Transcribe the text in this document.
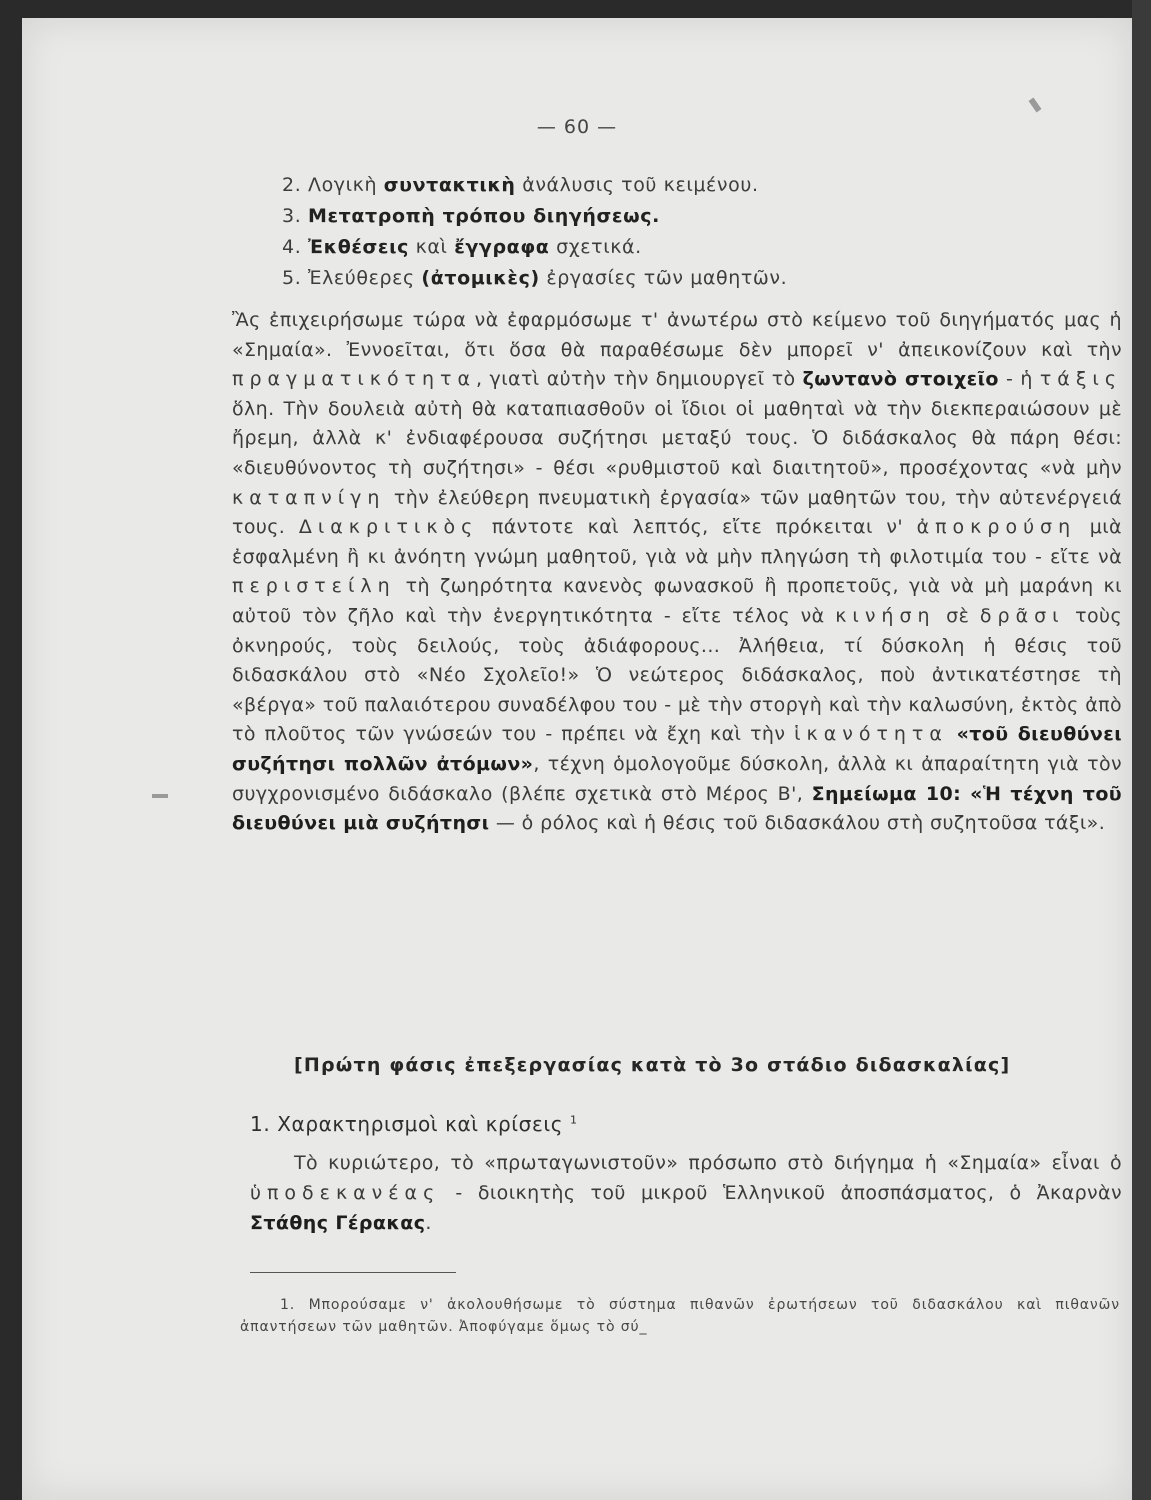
— 60 —
2. Λογικὴ συντακτικὴ ἀνάλυσις τοῦ κειμένου.
3. Μετατροπὴ τρόπου διηγήσεως.
4. Ἐκθέσεις καὶ ἔγγραφα σχετικά.
5. Ἐλεύθερες (ἀτομικὲς) ἐργασίες τῶν μαθητῶν.

Ἂς ἐπιχειρήσωμε τώρα νὰ ἐφαρμόσωμε τ' ἀνωτέρω στὸ κείμενο τοῦ διηγήματός μας ἡ «Σημαία». Ἐννοεῖται, ὅτι ὅσα θὰ παραθέσωμε δὲν μπορεῖ ν' ἀπεικονίζουν καὶ τὴν πραγματικότητα, γιατὶ αὐτὴν τὴν δημιουργεῖ τὸ ζωντανὸ στοιχεῖο - ἡ τάξις ὅλη. Τὴν δουλειὰ αὐτὴ θὰ καταπιασθοῦν οἱ ἴδιοι οἱ μαθηταὶ νὰ τὴν διεκπεραιώσουν μὲ ἤρεμη, ἀλλὰ κ' ἐνδιαφέρουσα συζήτησι μεταξύ τους. Ὁ διδάσκαλος θὰ πάρη θέσι: «διευθύνοντος τὴ συζήτησι» - θέσι «ρυθμιστοῦ καὶ διαιτητοῦ», προσέχοντας «νὰ μὴν καταπνίγη τὴν ἐλεύθερη πνευματικὴ ἐργασία» τῶν μαθητῶν του, τὴν αὐτενέργειά τους. Διακριτικὸς πάντοτε καὶ λεπτός, εἴτε πρόκειται ν' ἀποκρούση μιὰ ἐσφαλμένη ἢ κι ἀνόητη γνώμη μαθητοῦ, γιὰ νὰ μὴν πληγώση τὴ φιλοτιμία του - εἴτε νὰ περιστείλη τὴ ζωηρότητα κανενὸς φωνασκοῦ ἢ προπετοῦς, γιὰ νὰ μὴ μαράνη κι αὐτοῦ τὸν ζῆλο καὶ τὴν ἐνεργητικότητα - εἴτε τέλος νὰ κινήση σὲ δρᾶσι τοὺς ὀκνηρούς, τοὺς δειλούς, τοὺς ἀδιάφορους... Ἀλήθεια, τί δύσκολη ἡ θέσις τοῦ διδασκάλου στὸ «Νέο Σχολεῖο!» Ὁ νεώτερος διδάσκαλος, ποὺ ἀντικατέστησε τὴ «βέργα» τοῦ παλαιότερου συναδέλφου του - μὲ τὴν στοργὴ καὶ τὴν καλωσύνη, ἐκτὸς ἀπὸ τὸ πλοῦτος τῶν γνώσεών του - πρέπει νὰ ἔχη καὶ τὴν ἱκανότητα «τοῦ διευθύνει συζήτησι πολλῶν ἀτόμων», τέχνη ὁμολογοῦμε δύσκολη, ἀλλὰ κι ἀπαραίτητη γιὰ τὸν συγχρονισμένο διδάσκαλο (βλέπε σχετικὰ στὸ Μέρος Β', Σημείωμα 10: «Ἡ τέχνη τοῦ διευθύνει μιὰ συζήτησι — ὁ ρόλος καὶ ἡ θέσις τοῦ διδασκάλου στὴ συζητοῦσα τάξι».

[Πρώτη φάσις ἐπεξεργασίας κατὰ τὸ 3ο στάδιο διδασκαλίας]
1. Χαρακτηρισμοὶ καὶ κρίσεις $^1$

Τὸ κυριώτερο, τὸ «πρωταγωνιστοῦν» πρόσωπο στὸ διήγημα ἡ «Σημαία» εἶναι ὁ ὑποδεκανέας - διοικητὴς τοῦ μικροῦ Ἑλληνικοῦ ἀποσπάσματος, ὁ Ἀκαρνὰν Στάθης Γέρακας.

1. Μπορούσαμε ν' ἀκολουθήσωμε τὸ σύστημα πιθανῶν ἐρωτήσεων τοῦ διδασκάλου καὶ πιθανῶν ἀπαντήσεων τῶν μαθητῶν. Ἀποφύγαμε ὅμως τὸ σύ_
